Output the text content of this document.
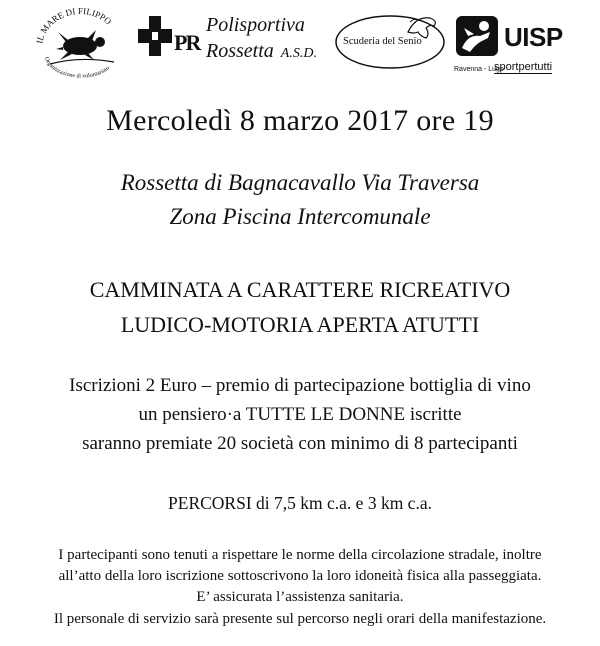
IL MARE DI FILIPPO
Organizzazione di volontariato
PR
Polisportiva
Rossetta A.S.D.
Scuderia del Senio	UISP
Ravenna - Lugo
sportpertutti
Mercoledì 8 marzo 2017 ore 19
Rossetta di Bagnacavallo Via Traversa
Zona Piscina Intercomunale
CAMMINATA A CARATTERE RICREATIVO
LUDICO-MOTORIA APERTA ATUTTI
Iscrizioni 2 Euro – premio di partecipazione bottiglia di vino
un pensiero·a TUTTE LE DONNE iscritte
saranno premiate 20 società con minimo di 8 partecipanti
PERCORSI di 7,5 km c.a. e 3 km c.a.
I partecipanti sono tenuti a rispettare le norme della circolazione stradale, inoltre
all’atto della loro iscrizione sottoscrivono la loro idoneità fisica alla passeggiata.
E’ assicurata l’assistenza sanitaria.
Il personale di servizio sarà presente sul percorso negli orari della manifestazione.
